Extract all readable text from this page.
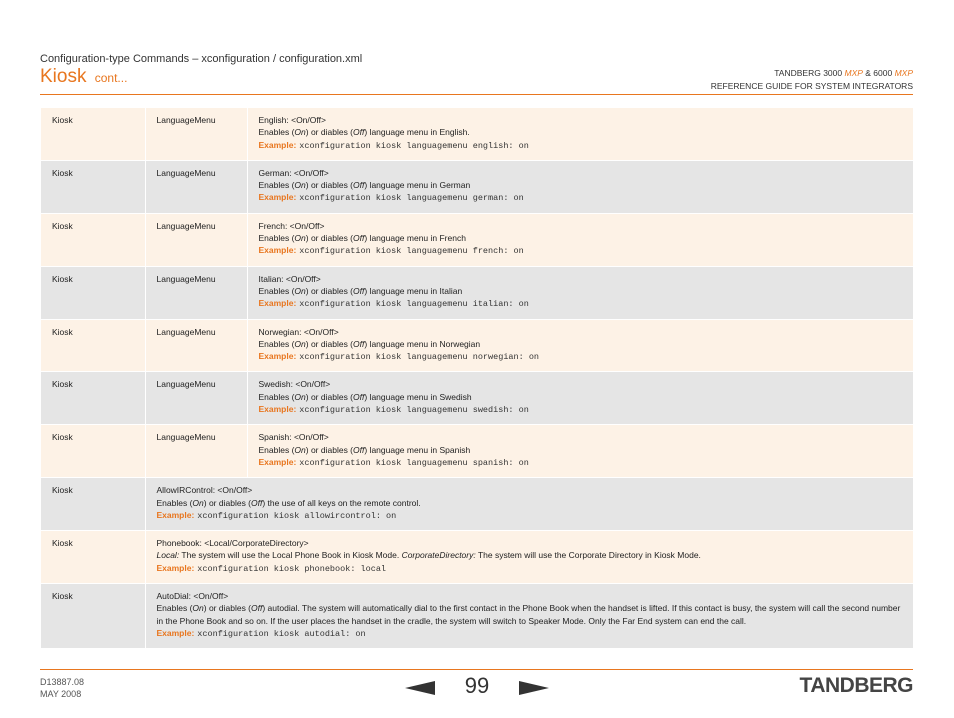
Configuration-type Commands – xconfiguration / configuration.xml
Kiosk cont...	TANDBERG 3000 MXP & 6000 MXP
REFERENCE GUIDE FOR SYSTEM INTEGRATORS
Kiosk	LanguageMenu	English: <On/Off>
Enables (On) or diables (Off) language menu in English.
Example: xconfiguration kiosk languagemenu english: on

Kiosk	LanguageMenu	German: <On/Off>
Enables (On) or diables (Off) language menu in German
Example: xconfiguration kiosk languagemenu german: on

Kiosk	LanguageMenu	French: <On/Off>
Enables (On) or diables (Off) language menu in French
Example: xconfiguration kiosk languagemenu french: on

Kiosk	LanguageMenu	Italian: <On/Off>
Enables (On) or diables (Off) language menu in Italian
Example: xconfiguration kiosk languagemenu italian: on

Kiosk	LanguageMenu	Norwegian: <On/Off>
Enables (On) or diables (Off) language menu in Norwegian
Example: xconfiguration kiosk languagemenu norwegian: on

Kiosk	LanguageMenu	Swedish: <On/Off>
Enables (On) or diables (Off) language menu in Swedish
Example: xconfiguration kiosk languagemenu swedish: on

Kiosk	LanguageMenu	Spanish: <On/Off>
Enables (On) or diables (Off) language menu in Spanish
Example: xconfiguration kiosk languagemenu spanish: on

Kiosk	AllowIRControl: <On/Off>
Enables (On) or diables (Off) the use of all keys on the remote control.
Example: xconfiguration kiosk allowircontrol: on	

Kiosk	Phonebook: <Local/CorporateDirectory>
Local: The system will use the Local Phone Book in Kiosk Mode. CorporateDirectory: The system will use the Corporate Directory in Kiosk Mode.
Example: xconfiguration kiosk phonebook: local	

Kiosk	AutoDial: <On/Off>
Enables (On) or diables (Off) autodial. The system will automatically dial to the first contact in the Phone Book when the handset is lifted. If this contact is busy, the system will call the second number in the Phone Book and so on. If the user places the handset in the cradle, the system will switch to Speaker Mode. Only the Far End system can end the call.
Example: xconfiguration kiosk autodial: on	
D13887.08
MAY 2008	99	TANDBERG
